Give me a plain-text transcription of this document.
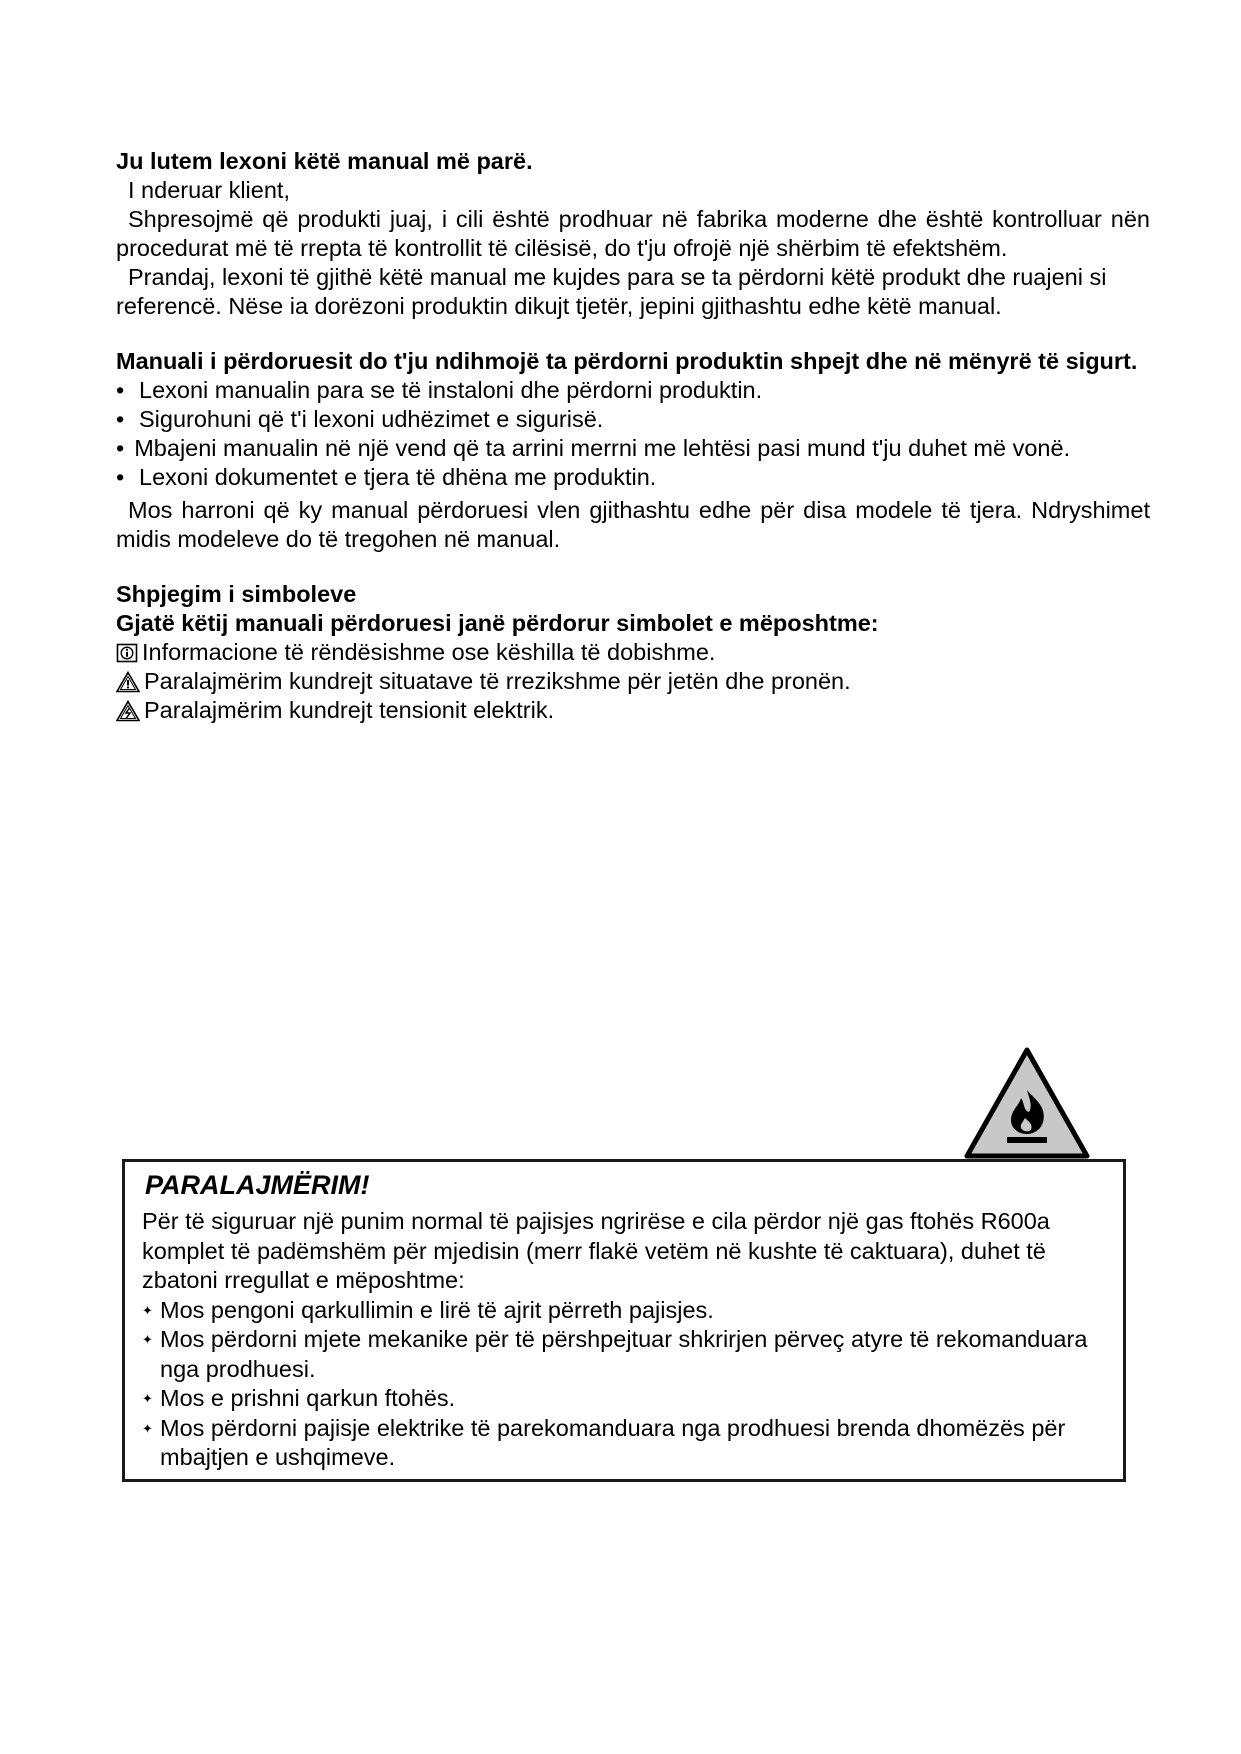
Ju lutem lexoni këtë manual më parë.

I nderuar klient,

Shpresojmë që produkti juaj, i cili është prodhuar në fabrika moderne dhe është kontrolluar nën procedurat më të rrepta të kontrollit të cilësisë, do t'ju ofrojë një shërbim të efektshëm.

Prandaj, lexoni të gjithë këtë manual me kujdes para se ta përdorni këtë produkt dhe ruajeni si referencë. Nëse ia dorëzoni produktin dikujt tjetër, jepini gjithashtu edhe këtë manual.

Manuali i përdoruesit do t'ju ndihmojë ta përdorni produktin shpejt dhe në mënyrë të sigurt.

• Lexoni manualin para se të instaloni dhe përdorni produktin.

• Sigurohuni që t'i lexoni udhëzimet e sigurisë.

• Mbajeni manualin në një vend që ta arrini merrni me lehtësi pasi mund t'ju duhet më vonë.

• Lexoni dokumentet e tjera të dhëna me produktin.

Mos harroni që ky manual përdoruesi vlen gjithashtu edhe për disa modele të tjera. Ndryshimet midis modeleve do të tregohen në manual.

Shpjegim i simboleve

Gjatë këtij manuali përdoruesi janë përdorur simbolet e mëposhtme:

Informacione të rëndësishme ose këshilla të dobishme.

Paralajmërim kundrejt situatave të rrezikshme për jetën dhe pronën.

Paralajmërim kundrejt tensionit elektrik.

PARALAJMËRIM!

Për të siguruar një punim normal të pajisjes ngrirëse e cila përdor një gas ftohës R600a komplet të padëmshëm për mjedisin (merr flakë vetëm në kushte të caktuara), duhet të zbatoni rregullat e mëposhtme:

✦ Mos pengoni qarkullimin e lirë të ajrit përreth pajisjes.

✦ Mos përdorni mjete mekanike për të përshpejtuar shkrirjen përveç atyre të rekomanduara nga prodhuesi.

✦ Mos e prishni qarkun ftohës.

✦ Mos përdorni pajisje elektrike të parekomanduara nga prodhuesi brenda dhomëzës për mbajtjen e ushqimeve.
